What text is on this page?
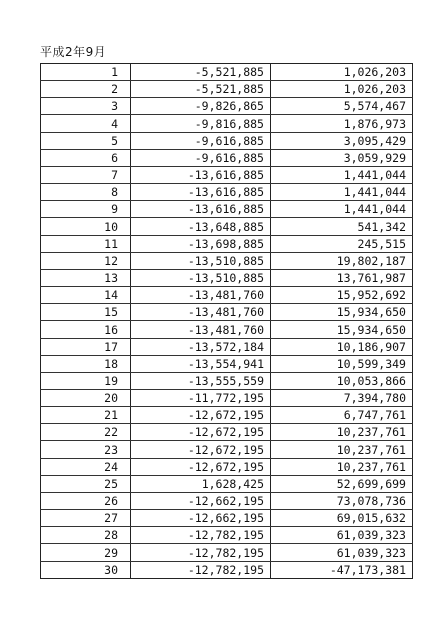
平成2年9月
1	-5,521,885	1,026,203
2	-5,521,885	1,026,203
3	-9,826,865	5,574,467
4	-9,816,885	1,876,973
5	-9,616,885	3,095,429
6	-9,616,885	3,059,929
7	-13,616,885	1,441,044
8	-13,616,885	1,441,044
9	-13,616,885	1,441,044
10	-13,648,885	541,342
11	-13,698,885	245,515
12	-13,510,885	19,802,187
13	-13,510,885	13,761,987
14	-13,481,760	15,952,692
15	-13,481,760	15,934,650
16	-13,481,760	15,934,650
17	-13,572,184	10,186,907
18	-13,554,941	10,599,349
19	-13,555,559	10,053,866
20	-11,772,195	7,394,780
21	-12,672,195	6,747,761
22	-12,672,195	10,237,761
23	-12,672,195	10,237,761
24	-12,672,195	10,237,761
25	1,628,425	52,699,699
26	-12,662,195	73,078,736
27	-12,662,195	69,015,632
28	-12,782,195	61,039,323
29	-12,782,195	61,039,323
30	-12,782,195	-47,173,381
